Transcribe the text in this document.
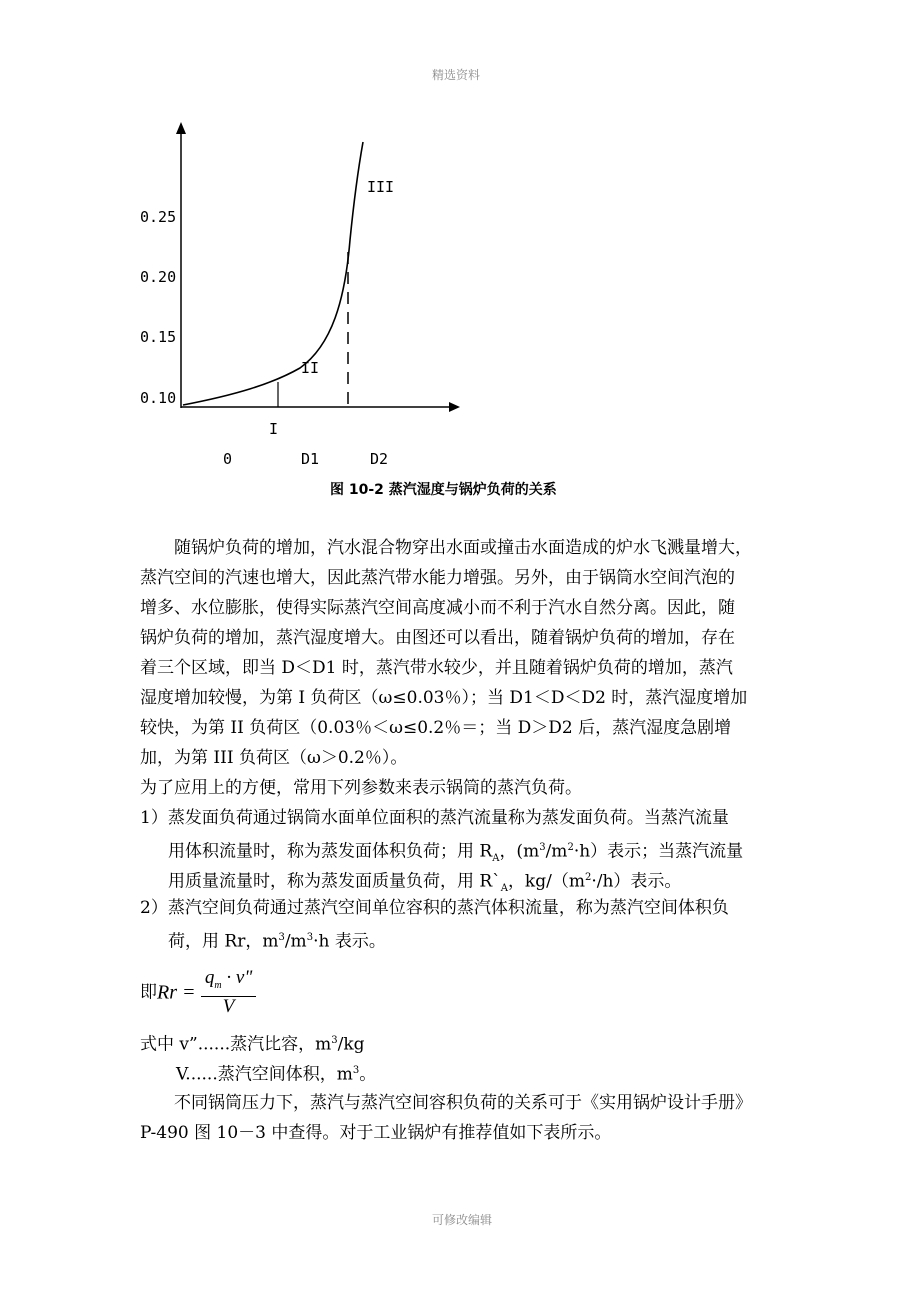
精选资料
可修改编辑
0.25
0.20
0.15
0.10
III
II
I
0	D1	D2
图 10-2 蒸汽湿度与锅炉负荷的关系
随锅炉负荷的增加，汽水混合物穿出水面或撞击水面造成的炉水飞溅量增大，
蒸汽空间的汽速也增大，因此蒸汽带水能力增强。另外，由于锅筒水空间汽泡的
增多、水位膨胀，使得实际蒸汽空间高度减小而不利于汽水自然分离。因此，随
锅炉负荷的增加，蒸汽湿度增大。由图还可以看出，随着锅炉负荷的增加，存在
着三个区域，即当 D＜D1 时，蒸汽带水较少，并且随着锅炉负荷的增加，蒸汽
湿度增加较慢，为第 I 负荷区（ω≤0.03％）；当 D1＜D＜D2 时，蒸汽湿度增加
较快，为第 II 负荷区（0.03％＜ω≤0.2％＝；当 D＞D2 后，蒸汽湿度急剧增
加，为第 III 负荷区（ω＞0.2％）。
为了应用上的方便，常用下列参数来表示锅筒的蒸汽负荷。
1）蒸发面负荷通过锅筒水面单位面积的蒸汽流量称为蒸发面负荷。当蒸汽流量
用体积流量时，称为蒸发面体积负荷；用 $R_A$，$(m^3/m^2\cdot h)$表示；当蒸汽流量
用质量流量时，称为蒸发面质量负荷，用 $R`_A$，$kg/(m^2\cdot/h)$表示。
2）蒸汽空间负荷通过蒸汽空间单位容积的蒸汽体积流量，称为蒸汽空间体积负
荷，用 Rr，$m^3/m^3\cdot h$ 表示。
即$Rr = \frac{q_m \cdot v"}{V}$
式中 v”......蒸汽比容，$m^3/kg$
V......蒸汽空间体积，$m^3$。
不同锅筒压力下，蒸汽与蒸汽空间容积负荷的关系可于《实用锅炉设计手册》
P-490 图 10－3 中查得。对于工业锅炉有推荐值如下表所示。
